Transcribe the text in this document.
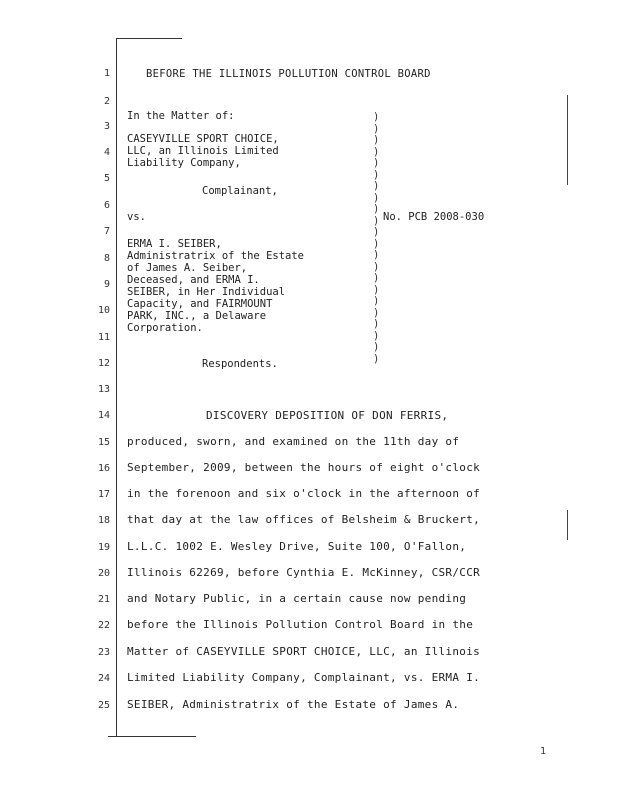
1
2
3
4
5
6
7
8
9
10
11
12
13
14
15
16
17
18
19
20
21
22
23
24
25
BEFORE THE ILLINOIS POLLUTION CONTROL BOARD
In the Matter of:
CASEYVILLE SPORT CHOICE,
LLC, an Illinois Limited
Liability Company,
Complainant,
vs.	No. PCB 2008-030
ERMA I. SEIBER,
Administratrix of the Estate
of James A. Seiber,
Deceased, and ERMA I.
SEIBER, in Her Individual
Capacity, and FAIRMOUNT
PARK, INC., a Delaware
Corporation.
Respondents.
)
)
)
)
)
)
)
)
)
)
)
)
)
)
)
)
)
)
)
)
)
)
DISCOVERY DEPOSITION OF DON FERRIS,
produced, sworn, and examined on the 11th day of
September, 2009, between the hours of eight o'clock
in the forenoon and six o'clock in the afternoon of
that day at the law offices of Belsheim & Bruckert,
L.L.C. 1002 E. Wesley Drive, Suite 100, O'Fallon,
Illinois 62269, before Cynthia E. McKinney, CSR/CCR
and Notary Public, in a certain cause now pending
before the Illinois Pollution Control Board in the
Matter of CASEYVILLE SPORT CHOICE, LLC, an Illinois
Limited Liability Company, Complainant, vs. ERMA I.
SEIBER, Administratrix of the Estate of James A.
1
